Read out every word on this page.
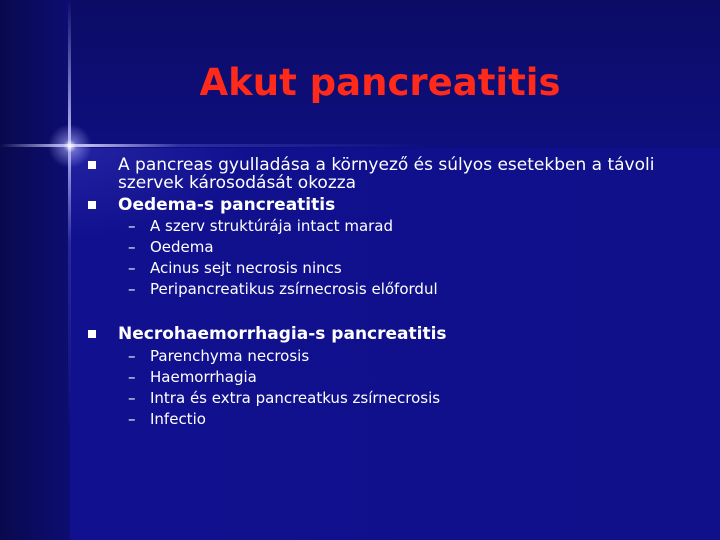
Akut pancreatitis
A pancreas gyulladása a környező és súlyos esetekben a távoli szervek károsodását okozza
Oedema-s pancreatitis
– A szerv struktúrája intact marad
– Oedema
– Acinus sejt necrosis nincs
– Peripancreatikus zsírnecrosis előfordul
Necrohaemorrhagia-s pancreatitis
– Parenchyma necrosis
– Haemorrhagia
– Intra és extra pancreatkus zsírnecrosis
– Infectio
